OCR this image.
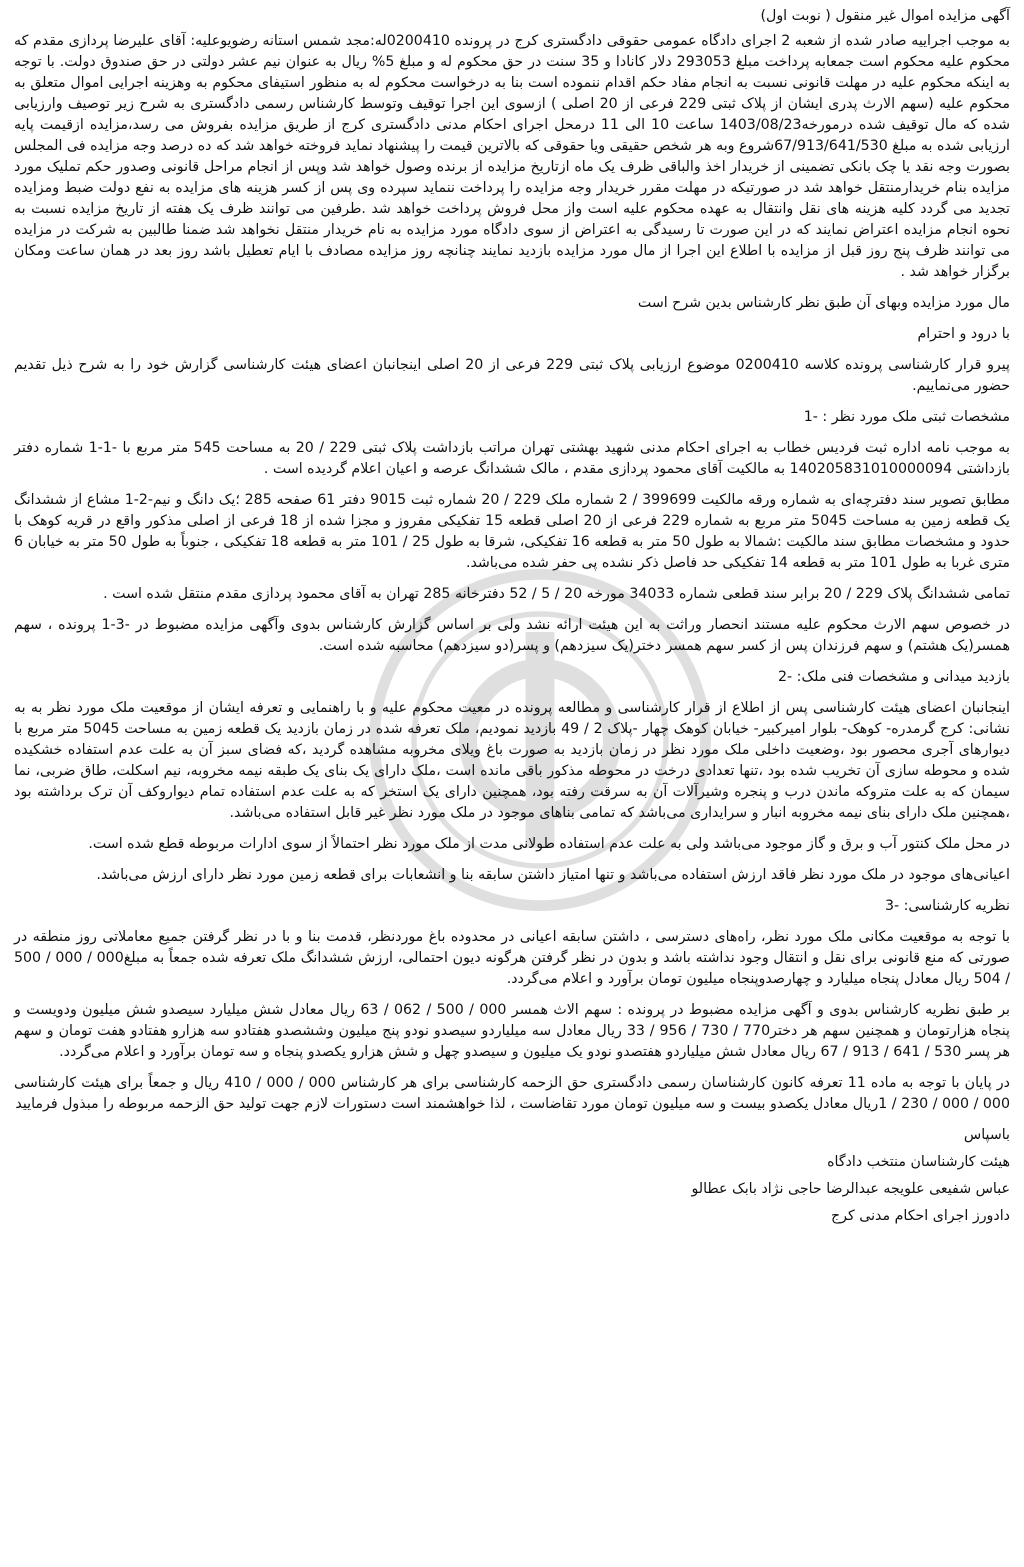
آگهی مزایده اموال غیر منقول ( نوبت اول)

به موجب اجراییه صادر شده از شعبه 2 اجرای دادگاه عمومی حقوقی دادگستری کرج در پرونده 0200410له:مجد شمس استانه رضویوعلیه: آقای علیرضا پردازی مقدم که محکوم علیه محکوم است جمعابه پرداخت مبلغ 293053 دلار کانادا و 35 سنت در حق محکوم له و مبلغ 5% ریال به عنوان نیم عشر دولتی در حق صندوق دولت. با توجه به اینکه محکوم علیه در مهلت قانونی نسبت به انجام مفاد حکم اقدام ننموده است بنا به درخواست محکوم له به منظور استیفای محکوم به وهزینه اجرایی اموال متعلق به محکوم علیه (سهم الارث پدری ایشان از پلاک ثبتی 229 فرعی از 20 اصلی ) ازسوی این اجرا توقیف وتوسط کارشناس رسمی دادگستری به شرح زیر توصیف وارزیابی شده که مال توقیف شده درمورخه1403/08/23 ساعت 10 الی 11 درمحل اجرای احکام مدنی دادگستری کرج از طریق مزایده بفروش می رسد،مزایده ازقیمت پایه ارزیابی شده به مبلغ 67/913/641/530شروع وبه هر شخص حقیقی ویا حقوقی که بالاترین قیمت را پیشنهاد نماید فروخته خواهد شد که ده درصد وجه مزایده فی المجلس بصورت وجه نقد یا چک بانکی تضمینی از خریدار اخذ والباقی ظرف یک ماه ازتاریخ مزایده از برنده وصول خواهد شد وپس از انجام مراحل قانونی وصدور حکم تملیک مورد مزایده بنام خریدارمنتقل خواهد شد در صورتیکه در مهلت مقرر خریدار وجه مزایده را پرداخت ننماید سپرده وی پس از کسر هزینه های مزایده به نفع دولت ضبط ومزایده تجدید می گردد کلیه هزینه های نقل وانتقال به عهده محکوم علیه است واز محل فروش پرداخت خواهد شد .طرفین می توانند ظرف یک هفته از تاریخ مزایده نسبت به نحوه انجام مزایده اعتراض نمایند که در این صورت تا رسیدگی به اعتراض از سوی دادگاه مورد مزایده به نام خریدار منتقل نخواهد شد ضمنا طالبین به شرکت در مزایده می توانند ظرف پنج روز قبل از مزایده با اطلاع این اجرا از مال مورد مزایده بازدید نمایند چنانچه روز مزایده مصادف با ایام تعطیل باشد روز بعد در همان ساعت ومکان برگزار خواهد شد .

مال مورد مزایده وبهای آن طبق نظر کارشناس بدین شرح است

با درود و احترام

پیرو قرار کارشناسی پرونده کلاسه 0200410 موضوع ارزیابی پلاک ثبتی 229 فرعی از 20 اصلی اینجانبان اعضای هیئت کارشناسی گزارش خود را به شرح ذیل تقدیم حضور می‌نماییم.

مشخصات ثبتی ملک مورد نظر : -1

به موجب نامه اداره ثبت فردیس خطاب به اجرای احکام مدنی شهید بهشتی تهران مراتب بازداشت پلاک ثبتی 229 / 20 به مساحت 545 متر مربع با -1-1 شماره دفتر بازداشتی 140205831010000094 به مالکیت آقای محمود پردازی مقدم ، مالک ششدانگ عرصه و اعیان اعلام گردیده است .

مطابق تصویر سند دفترچه‌ای به شماره ورقه مالکیت 399699 / 2 شماره ملک 229 / 20 شماره ثبت 9015 دفتر 61 صفحه 285 ؛یک دانگ و نیم-2-1 مشاع از ششدانگ یک قطعه زمین به مساحت 5045 متر مربع به شماره 229 فرعی از 20 اصلی قطعه 15 تفکیکی مفروز و مجزا شده از 18 فرعی از اصلی مذکور واقع در قریه کوهک با حدود و مشخصات مطابق سند مالکیت :شمالا به طول 50 متر به قطعه 16 تفکیکی، شرقا به طول 25 / 101 متر به قطعه 18 تفکیکی ، جنوباً به طول 50 متر به خیابان 6 متری غربا به طول 101 متر به قطعه 14 تفکیکی حد فاصل ذکر نشده پی حفر شده می‌باشد.

تمامی ششدانگ پلاک 229 / 20 برابر سند قطعی شماره 34033 مورخه 20 / 5 / 52 دفترخانه 285 تهران به آقای محمود پردازی مقدم منتقل شده است .

در خصوص سهم الارث محکوم علیه مستند انحصار وراثت به این هیئت ارائه نشد ولی بر اساس گزارش کارشناس بدوی وآگهی مزایده مضبوط در -3-1 پرونده ، سهم همسر(یک هشتم) و سهم فرزندان پس از کسر سهم همسر دختر(یک سیزدهم) و پسر(دو سیزدهم) محاسبه شده است.

بازدید میدانی و مشخصات فنی ملک: -2

اینجانبان اعضای هیئت کارشناسی پس از اطلاع از قرار کارشناسی و مطالعه پرونده در معیت محکوم علیه و با راهنمایی و تعرفه ایشان از موقعیت ملک مورد نظر به به نشانی: کرج گرمدره- کوهک- بلوار امیرکبیر- خیابان کوهک چهار -پلاک 2 / 49 بازدید نمودیم، ملک تعرفه شده در زمان بازدید یک قطعه زمین به مساحت 5045 متر مربع با دیوارهای آجری محصور بود ،وضعیت داخلی ملک مورد نظر در زمان بازدید به صورت باغ ویلای مخروبه مشاهده گردید ،که فضای سبز آن به علت عدم استفاده خشکیده شده و محوطه سازی آن تخریب شده بود ،تنها تعدادی درخت در محوطه مذکور باقی مانده است ،ملک دارای یک بنای یک طبقه نیمه مخروبه، نیم اسکلت، طاق ضربی، نما سیمان که به علت متروکه ماندن درب و پنجره وشیرآلات آن به سرقت رفته بود، همچنین دارای یک استخر که به علت عدم استفاده تمام دیواروکف آن ترک برداشته بود ،همچنین ملک دارای بنای نیمه مخروبه انبار و سرایداری می‌باشد که تمامی بناهای موجود در ملک مورد نظر غیر قابل استفاده می‌باشد.

در محل ملک کنتور آب و برق و گاز موجود می‌باشد ولی به علت عدم استفاده طولانی مدت از ملک مورد نظر احتمالاً از سوی ادارات مربوطه قطع شده است.

اعیانی‌های موجود در ملک مورد نظر فاقد ارزش استفاده می‌باشد و تنها امتیاز داشتن سابقه بنا و انشعابات برای قطعه زمین مورد نظر دارای ارزش می‌باشد.

نظریه کارشناسی: -3

با توجه به موقعیت مکانی ملک مورد نظر، راه‌های دسترسی ، داشتن سابقه اعیانی در محدوده باغ موردنظر، قدمت بنا و با در نظر گرفتن جمیع معاملاتی روز منطقه در صورتی که منع قانونی برای نقل و انتقال وجود نداشته باشد و بدون در نظر گرفتن هرگونه دیون احتمالی، ارزش ششدانگ ملک تعرفه شده جمعاً به مبلغ000 / 000 / 500 / 504 ریال معادل پنجاه میلیارد و چهارصدوپنجاه میلیون تومان برآورد و اعلام می‌گردد.

بر طبق نظریه کارشناس بدوی و آگهی مزایده مضبوط در پرونده : سهم الاث همسر 000 / 500 / 062 / 63 ریال معادل شش میلیارد سیصدو شش میلیون ودویست و پنجاه هزارتومان و همچنین سهم هر دختر770 / 730 / 956 / 33 ریال معادل سه میلیاردو سیصدو نودو پنج میلیون وششصدو هفتادو سه هزارو هفتادو هفت تومان و سهم هر پسر 530 / 641 / 913 / 67 ریال معادل شش میلیاردو هفتصدو نودو یک میلیون و سیصدو چهل و شش هزارو یکصدو پنجاه و سه تومان برآورد و اعلام می‌گردد.

در پایان با توجه به ماده 11 تعرفه کانون کارشناسان رسمی دادگستری حق الزحمه کارشناسی برای هر کارشناس 000 / 000 / 410 ریال و جمعاً برای هیئت کارشناسی 000 / 000 / 230 / 1ریال معادل یکصدو بیست و سه میلیون تومان مورد تقاضاست ، لذا خواهشمند است دستورات لازم جهت تولید حق الزحمه مربوطه را مبذول فرمایید

باسپاس

هیئت کارشناسان منتخب دادگاه

عباس شفیعی علویجه عبدالرضا حاجی نژاد بابک عطالو

دادورز اجرای احکام مدنی کرج
